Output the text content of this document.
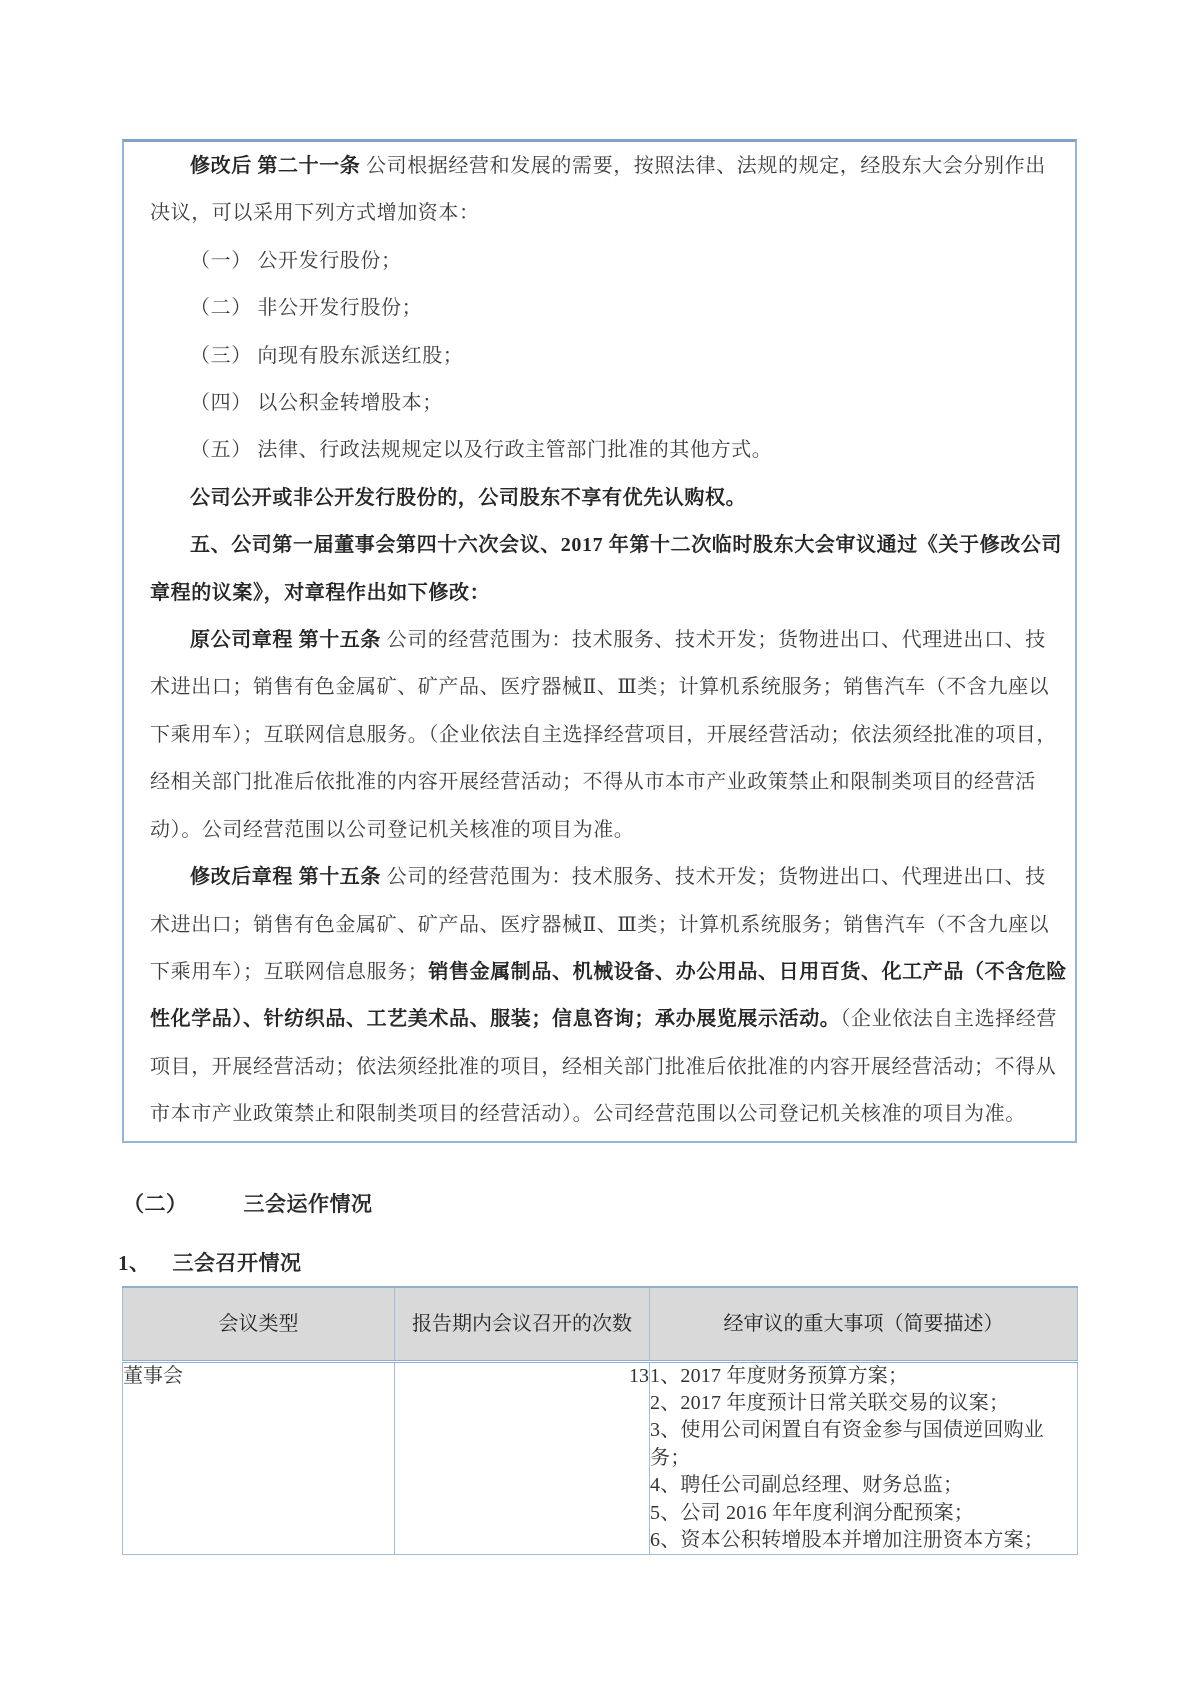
修改后 第二十一条 公司根据经营和发展的需要，按照法律、法规的规定，经股东大会分别作出
决议，可以采用下列方式增加资本：
（一） 公开发行股份；
（二） 非公开发行股份；
（三） 向现有股东派送红股；
（四） 以公积金转增股本；
（五） 法律、行政法规规定以及行政主管部门批准的其他方式。
公司公开或非公开发行股份的，公司股东不享有优先认购权。
五、公司第一届董事会第四十六次会议、2017 年第十二次临时股东大会审议通过《关于修改公司
章程的议案》，对章程作出如下修改：
原公司章程 第十五条 公司的经营范围为：技术服务、技术开发；货物进出口、代理进出口、技
术进出口；销售有色金属矿、矿产品、医疗器械Ⅱ、Ⅲ类；计算机系统服务；销售汽车（不含九座以
下乘用车）；互联网信息服务。（企业依法自主选择经营项目，开展经营活动；依法须经批准的项目，
经相关部门批准后依批准的内容开展经营活动；不得从市本市产业政策禁止和限制类项目的经营活
动）。公司经营范围以公司登记机关核准的项目为准。
修改后章程 第十五条 公司的经营范围为：技术服务、技术开发；货物进出口、代理进出口、技
术进出口；销售有色金属矿、矿产品、医疗器械Ⅱ、Ⅲ类；计算机系统服务；销售汽车（不含九座以
下乘用车）；互联网信息服务；销售金属制品、机械设备、办公用品、日用百货、化工产品（不含危险
性化学品）、针纺织品、工艺美术品、服装；信息咨询；承办展览展示活动。（企业依法自主选择经营
项目，开展经营活动；依法须经批准的项目，经相关部门批准后依批准的内容开展经营活动；不得从
市本市产业政策禁止和限制类项目的经营活动）。公司经营范围以公司登记机关核准的项目为准。
（二）	三会运作情况
1、 三会召开情况
会议类型	报告期内会议召开的次数	经审议的重大事项（简要描述）
董事会	13	1、2017 年度财务预算方案；
2、2017 年度预计日常关联交易的议案；
3、使用公司闲置自有资金参与国债逆回购业务；
4、聘任公司副总经理、财务总监；
5、公司 2016 年年度利润分配预案；
6、资本公积转增股本并增加注册资本方案；
